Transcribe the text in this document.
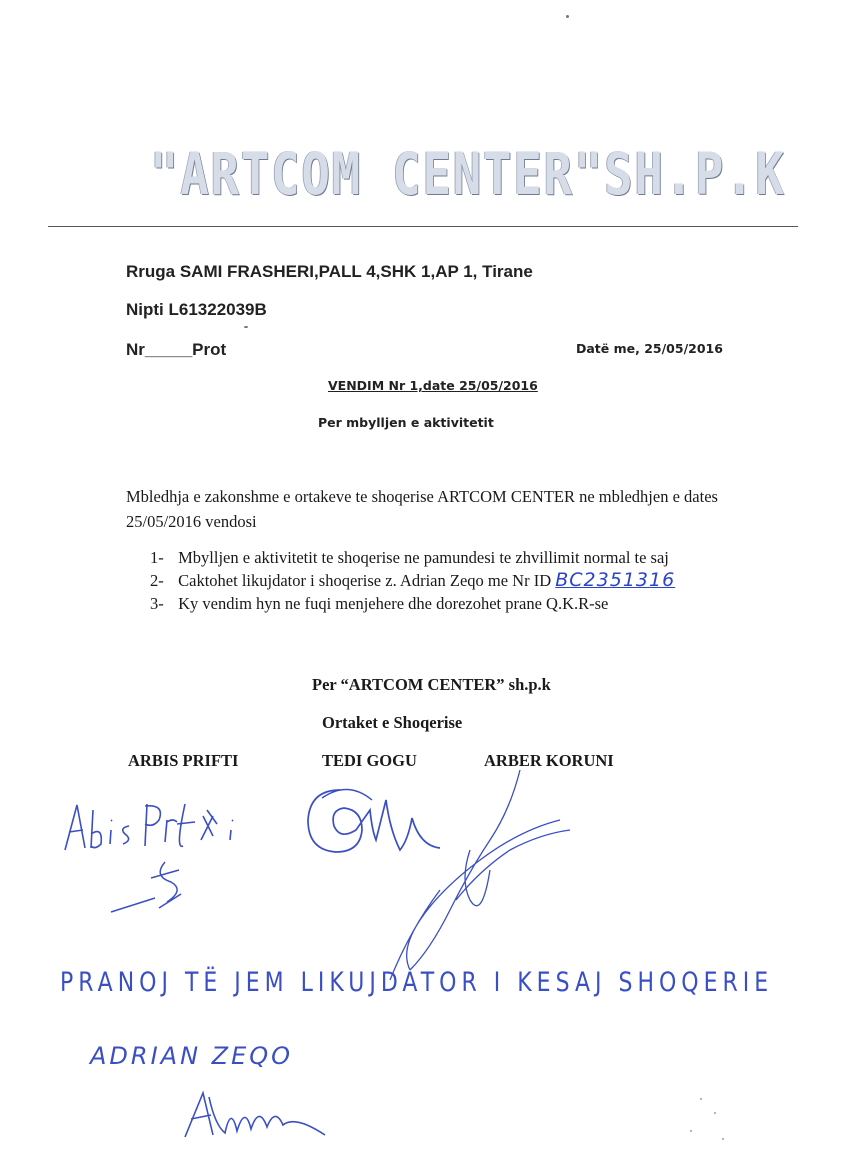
"ARTCOM CENTER"SH.P.K
Rruga SAMI FRASHERI,PALL 4,SHK 1,AP 1, Tirane
Nipti L61322039B
Nr_____Prot	Datë me, 25/05/2016
VENDIM Nr 1,date 25/05/2016
Per mbylljen e aktivitetit
Mbledhja e zakonshme e ortakeve te shoqerise ARTCOM CENTER ne mbledhjen e dates 25/05/2016 vendosi
1- Mbylljen e aktivitetit te shoqerise ne pamundesi te zhvillimit normal te saj
2- Caktohet likujdator i shoqerise z. Adrian Zeqo me Nr ID BC2351316
3- Ky vendim hyn ne fuqi menjehere dhe dorezohet prane Q.K.R-se
Per “ARTCOM CENTER” sh.p.k
Ortaket e Shoqerise
ARBIS PRIFTI	TEDI GOGU	ARBER KORUNI
PRANOJ TË JEM LIKUJDATOR I KESAJ SHOQERIE
ADRIAN ZEQO
